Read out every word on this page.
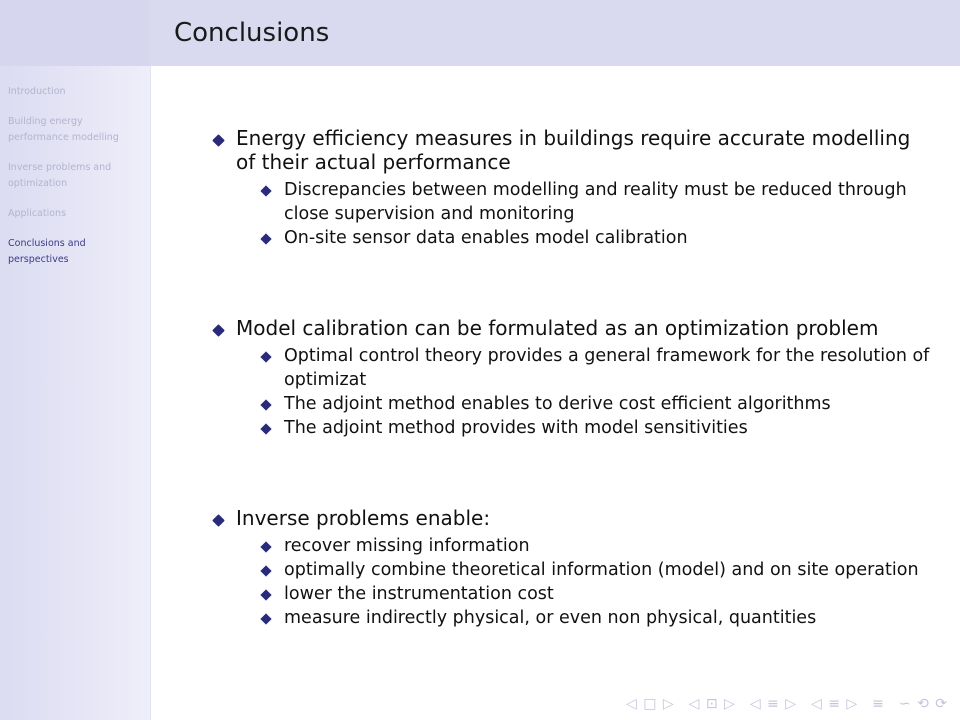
Introduction
Building energy
performance modelling
Inverse problems and
optimization
Applications
Conclusions and
perspectives
Conclusions
Energy efficiency measures in buildings require accurate modelling of their actual performance
Discrepancies between modelling and reality must be reduced through close supervision and monitoring
On-site sensor data enables model calibration
Model calibration can be formulated as an optimization problem
Optimal control theory provides a general framework for the resolution of optimizat
The adjoint method enables to derive cost efficient algorithms
The adjoint method provides with model sensitivities
Inverse problems enable:
recover missing information
optimally combine theoretical information (model) and on site operation
lower the instrumentation cost
measure indirectly physical, or even non physical, quantities
◁ □ ▷ ◁ ⊡ ▷ ◁ ≡ ▷ ◁ ≡ ▷ ≡ ∽ ⟲ ⟳
